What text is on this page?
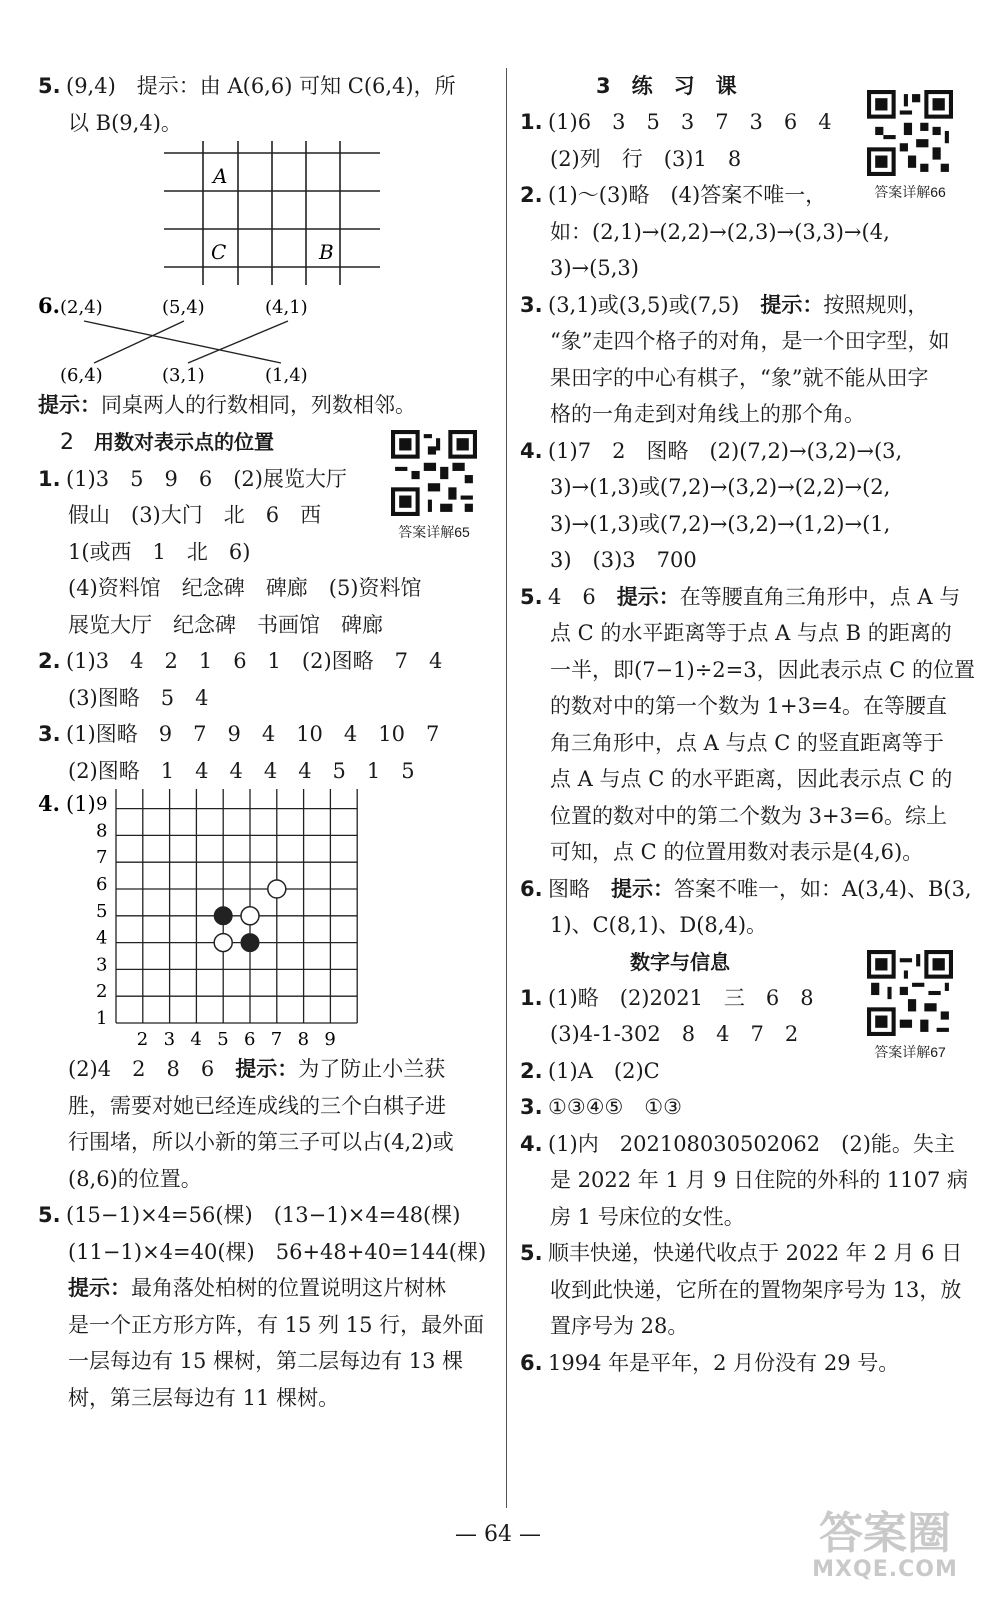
5. (9,4)　提示：由 A(6,6) 可知 C(6,4)，所

以 B(9,4)。

A
C	B
6. (2,4)	(5,4)	(4,1)
(6,4)	(3,1)	(1,4)

提示：同桌两人的行数相同，列数相邻。

2　 用数对表示点的位置

答案详解65

1. (1)3　5　9　6　(2)展览大厅

假山　(3)大门　北　6　西

1(或西　1　北　6)

(4)资料馆　纪念碑　碑廊　(5)资料馆

展览大厅　纪念碑　书画馆　碑廊

2. (1)3　4　2　1　6　1　(2)图略　7　4

(3)图略　5　4

3. (1)图略　9　7　9　4　10　4　10　7

(2)图略　1　4　4　4　4　5　1　5

4. (1)
1
2
3
4
5
6
7
8
9
2 3 4 5 6 7 8 9

(2)4　2　8　6　提示：为了防止小兰获

胜，需要对她已经连成线的三个白棋子进

行围堵，所以小新的第三子可以占(4,2)或

(8,6)的位置。

5. (15−1)×4=56(棵)　(13−1)×4=48(棵)

(11−1)×4=40(棵)　56+48+40=144(棵)

提示：最角落处柏树的位置说明这片树林

是一个正方形方阵，有 15 列 15 行，最外面

一层每边有 15 棵树，第二层每边有 13 棵

树，第三层每边有 11 棵树。

3　练　习　课

答案详解66

1. (1)6　3　5　3　7　3　6　4

(2)列　行　(3)1　8

2. (1)～(3)略　(4)答案不唯一，

如：(2,1)→(2,2)→(2,3)→(3,3)→(4,

3)→(5,3)

3. (3,1)或(3,5)或(7,5)　提示：按照规则，

“象”走四个格子的对角，是一个田字型，如

果田字的中心有棋子，“象”就不能从田字

格的一角走到对角线上的那个角。

4. (1)7　2　图略　(2)(7,2)→(3,2)→(3,

3)→(1,3)或(7,2)→(3,2)→(2,2)→(2,

3)→(1,3)或(7,2)→(3,2)→(1,2)→(1,

3)　(3)3　700

5. 4　6　提示：在等腰直角三角形中，点 A 与

点 C 的水平距离等于点 A 与点 B 的距离的

一半，即(7−1)÷2=3，因此表示点 C 的位置

的数对中的第一个数为 1+3=4。在等腰直

角三角形中，点 A 与点 C 的竖直距离等于

点 A 与点 C 的水平距离，因此表示点 C 的

位置的数对中的第二个数为 3+3=6。综上

可知，点 C 的位置用数对表示是(4,6)。

6. 图略　提示：答案不唯一，如：A(3,4)、B(3,

1)、C(8,1)、D(8,4)。

数字与信息

答案详解67

1. (1)略　(2)2021　三　6　8

(3)4-1-302　8　4　7　2

2. (1)A　(2)C

3. ①③④⑤　①③

4. (1)内　202108030502062　(2)能。失主

是 2022 年 1 月 9 日住院的外科的 1107 病

房 1 号床位的女性。

5. 顺丰快递，快递代收点于 2022 年 2 月 6 日

收到此快递，它所在的置物架序号为 13，放

置序号为 28。

6. 1994 年是平年，2 月份没有 29 号。

— 64 —	答案圈
MXQE.COM
